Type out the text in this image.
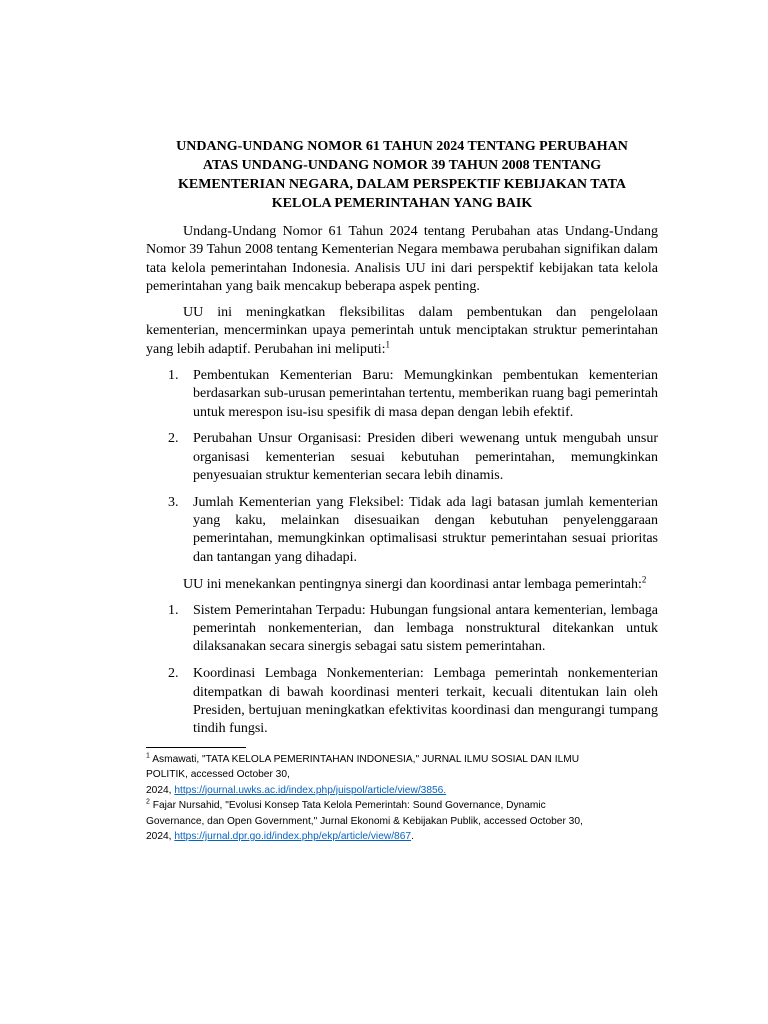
UNDANG-UNDANG NOMOR 61 TAHUN 2024 TENTANG PERUBAHAN
ATAS UNDANG-UNDANG NOMOR 39 TAHUN 2008 TENTANG
KEMENTERIAN NEGARA, DALAM PERSPEKTIF KEBIJAKAN TATA
KELOLA PEMERINTAHAN YANG BAIK

Undang-Undang Nomor 61 Tahun 2024 tentang Perubahan atas Undang-Undang Nomor 39 Tahun 2008 tentang Kementerian Negara membawa perubahan signifikan dalam tata kelola pemerintahan Indonesia. Analisis UU ini dari perspektif kebijakan tata kelola pemerintahan yang baik mencakup beberapa aspek penting.

UU ini meningkatkan fleksibilitas dalam pembentukan dan pengelolaan kementerian, mencerminkan upaya pemerintah untuk menciptakan struktur pemerintahan yang lebih adaptif. Perubahan ini meliputi:$^1$

1. Pembentukan Kementerian Baru: Memungkinkan pembentukan kementerian berdasarkan sub-urusan pemerintahan tertentu, memberikan ruang bagi pemerintah untuk merespon isu-isu spesifik di masa depan dengan lebih efektif.
2. Perubahan Unsur Organisasi: Presiden diberi wewenang untuk mengubah unsur organisasi kementerian sesuai kebutuhan pemerintahan, memungkinkan penyesuaian struktur kementerian secara lebih dinamis.
3. Jumlah Kementerian yang Fleksibel: Tidak ada lagi batasan jumlah kementerian yang kaku, melainkan disesuaikan dengan kebutuhan penyelenggaraan pemerintahan, memungkinkan optimalisasi struktur pemerintahan sesuai prioritas dan tantangan yang dihadapi.

UU ini menekankan pentingnya sinergi dan koordinasi antar lembaga pemerintah:$^2$

1. Sistem Pemerintahan Terpadu: Hubungan fungsional antara kementerian, lembaga pemerintah nonkementerian, dan lembaga nonstruktural ditekankan untuk dilaksanakan secara sinergis sebagai satu sistem pemerintahan.
2. Koordinasi Lembaga Nonkementerian: Lembaga pemerintah nonkementerian ditempatkan di bawah koordinasi menteri terkait, kecuali ditentukan lain oleh Presiden, bertujuan meningkatkan efektivitas koordinasi dan mengurangi tumpang tindih fungsi.

$^1$ Asmawati, "TATA KELOLA PEMERINTAHAN INDONESIA," JURNAL ILMU SOSIAL DAN ILMU
POLITIK, accessed October 30,
2024, https://journal.uwks.ac.id/index.php/juispol/article/view/3856.

$^2$ Fajar Nursahid, "Evolusi Konsep Tata Kelola Pemerintah: Sound Governance, Dynamic
Governance, dan Open Government," Jurnal Ekonomi & Kebijakan Publik, accessed October 30,
2024, https://jurnal.dpr.go.id/index.php/ekp/article/view/867.
